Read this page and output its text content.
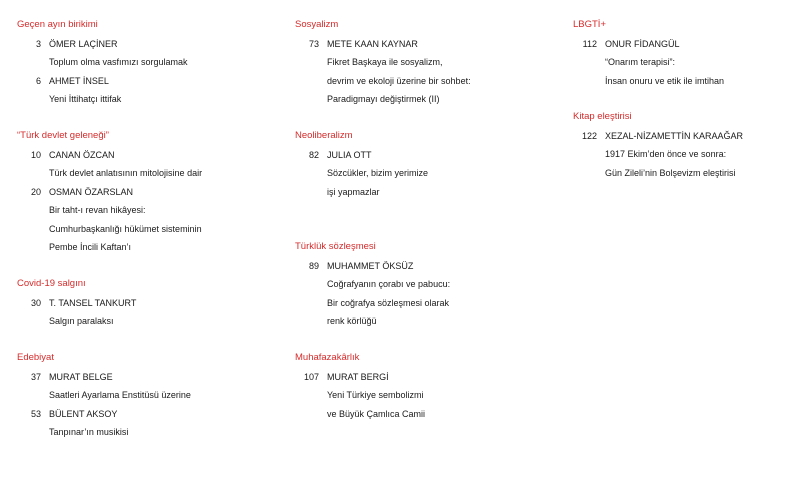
Geçen ayın birikimi
3 ÖMER LAÇİNER
Toplum olma vasfımızı sorgulamak
6 AHMET İNSEL
Yeni İttihatçı ittifak
“Türk devlet geleneği”
10 CANAN ÖZCAN
Türk devlet anlatısının mitolojisine dair
20 OSMAN ÖZARSLAN
Bir taht-ı revan hikâyesi:
Cumhurbaşkanlığı hükümet sisteminin
Pembe İncili Kaftan’ı
Covid-19 salgını
30 T. TANSEL TANKURT
Salgın paralaksı
Edebiyat
37 MURAT BELGE
Saatleri Ayarlama Enstitüsü üzerine
53 BÜLENT AKSOY
Tanpınar’ın musikisi
Sosyalizm
73 METE KAAN KAYNAR
Fikret Başkaya ile sosyalizm,
devrim ve ekoloji üzerine bir sohbet:
Paradigmayı değiştirmek (II)
Neoliberalizm
82 JULIA OTT
Sözcükler, bizim yerimize
işi yapmazlar
Türklük sözleşmesi
89 MUHAMMET ÖKSÜZ
Coğrafyanın çorabı ve pabucu:
Bir coğrafya sözleşmesi olarak
renk körlüğü
Muhafazakârlık
107 MURAT BERGİ
Yeni Türkiye sembolizmi
ve Büyük Çamlıca Camii
LBGTİ+
112 ONUR FİDANGÜL
“Onarım terapisi”:
İnsan onuru ve etik ile imtihan
Kitap eleştirisi
122 XEZAL-NİZAMETTİN KARAAĞAR
1917 Ekim’den önce ve sonra:
Gün Zileli’nin Bolşevizm eleştirisi
